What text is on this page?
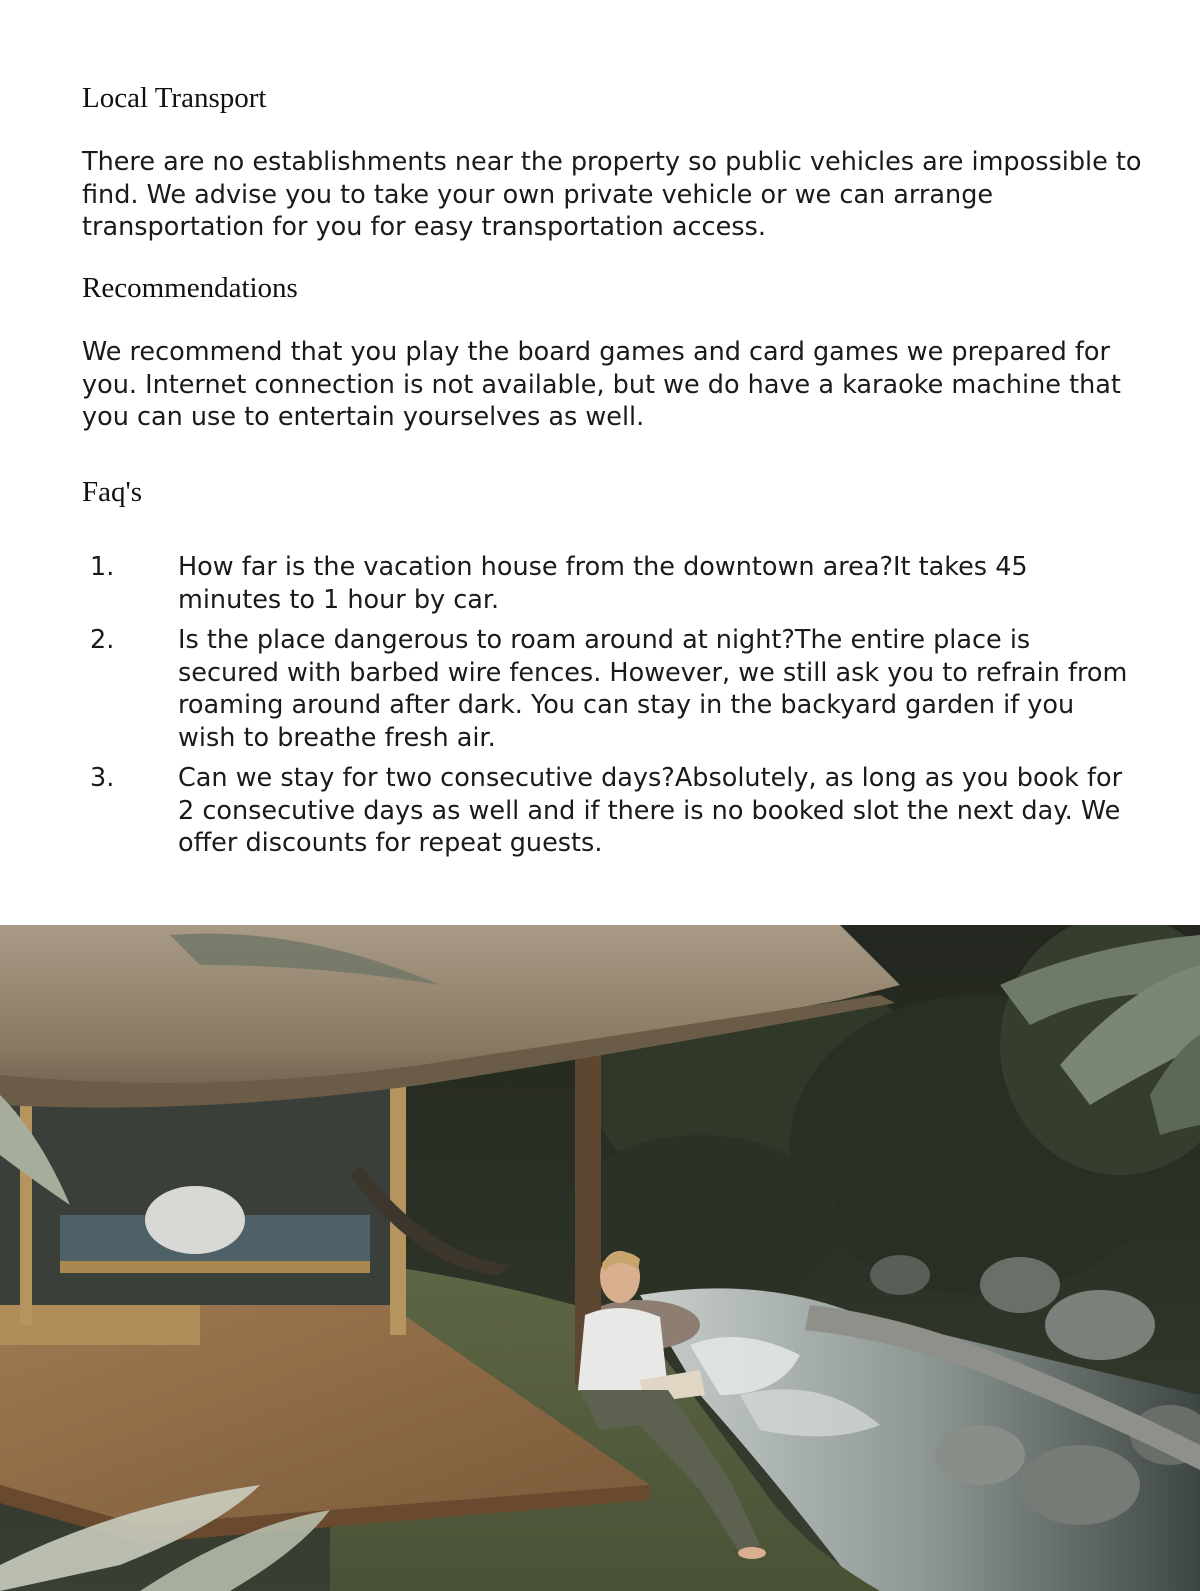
Local Transport

There are no establishments near the property so public vehicles are impossible to find. We advise you to take your own private vehicle or we can arrange transportation for you for easy transportation access.

Recommendations

We recommend that you play the board games and card games we prepared for you. Internet connection is not available, but we do have a karaoke machine that you can use to entertain yourselves as well.

Faq's
1. How far is the vacation house from the downtown area?It takes 45 minutes to 1 hour by car.
2. Is the place dangerous to roam around at night?The entire place is secured with barbed wire fences. However, we still ask you to refrain from roaming around after dark. You can stay in the backyard garden if you wish to breathe fresh air.
3. Can we stay for two consecutive days?Absolutely, as long as you book for 2 consecutive days as well and if there is no booked slot the next day. We offer discounts for repeat guests.
